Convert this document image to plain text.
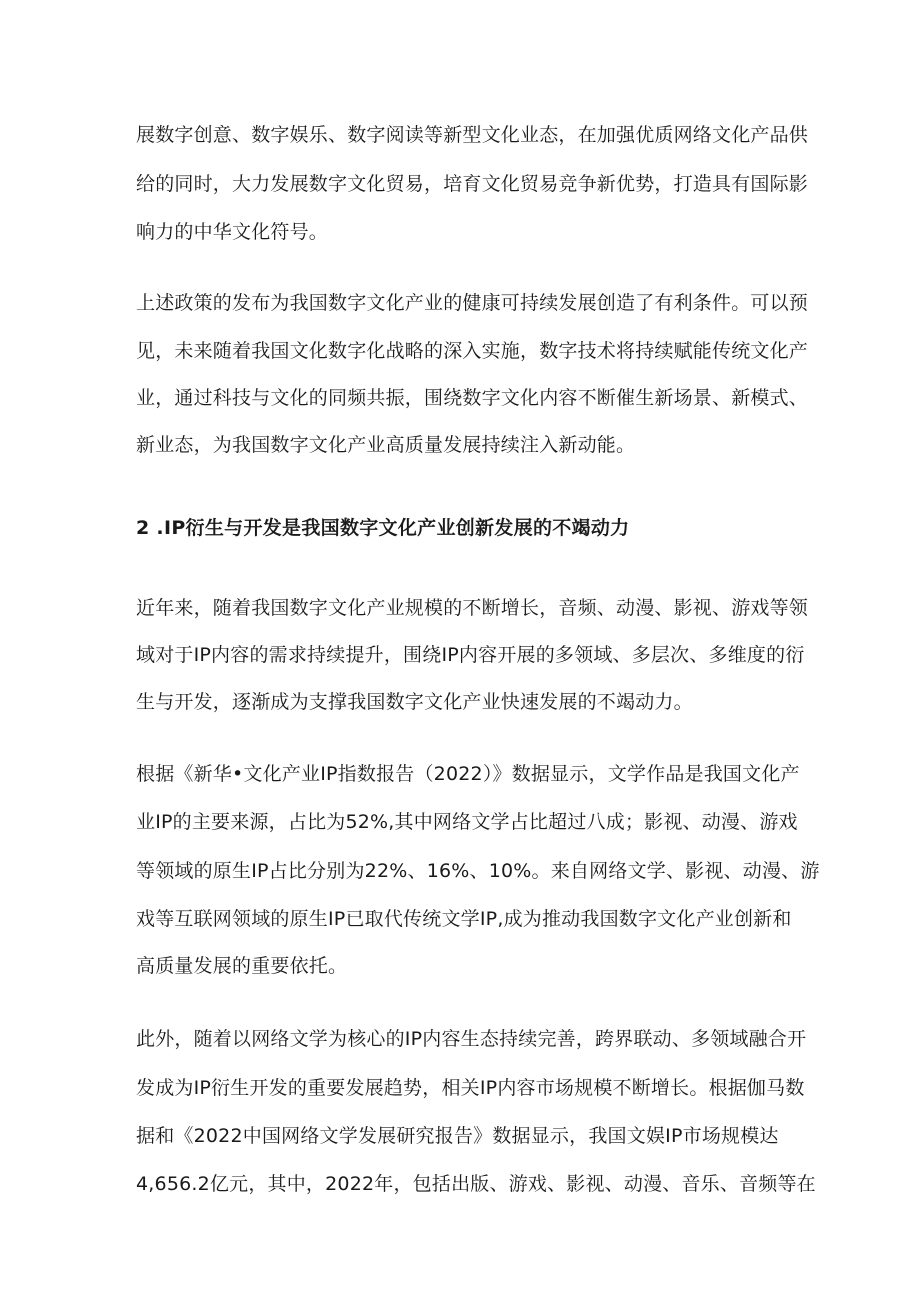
展数字创意、数字娱乐、数字阅读等新型文化业态，在加强优质网络文化产品供
给的同时，大力发展数字文化贸易，培育文化贸易竞争新优势，打造具有国际影
响力的中华文化符号。
上述政策的发布为我国数字文化产业的健康可持续发展创造了有利条件。可以预
见，未来随着我国文化数字化战略的深入实施，数字技术将持续赋能传统文化产
业，通过科技与文化的同频共振，围绕数字文化内容不断催生新场景、新模式、
新业态，为我国数字文化产业高质量发展持续注入新动能。
2 .IP衍生与开发是我国数字文化产业创新发展的不竭动力
近年来，随着我国数字文化产业规模的不断增长，音频、动漫、影视、游戏等领
域对于IP内容的需求持续提升，围绕IP内容开展的多领域、多层次、多维度的衍
生与开发，逐渐成为支撑我国数字文化产业快速发展的不竭动力。
根据《新华•文化产业IP指数报告（2022）》数据显示，文学作品是我国文化产
业IP的主要来源，占比为52%,其中网络文学占比超过八成；影视、动漫、游戏
等领域的原生IP占比分别为22%、16%、10%。来自网络文学、影视、动漫、游
戏等互联网领域的原生IP已取代传统文学IP,成为推动我国数字文化产业创新和
高质量发展的重要依托。
此外，随着以网络文学为核心的IP内容生态持续完善，跨界联动、多领域融合开
发成为IP衍生开发的重要发展趋势，相关IP内容市场规模不断增长。根据伽马数
据和《2022中国网络文学发展研究报告》数据显示，我国文娱IP市场规模达
4,656.2亿元，其中，2022年，包括出版、游戏、影视、动漫、音乐、音频等在
